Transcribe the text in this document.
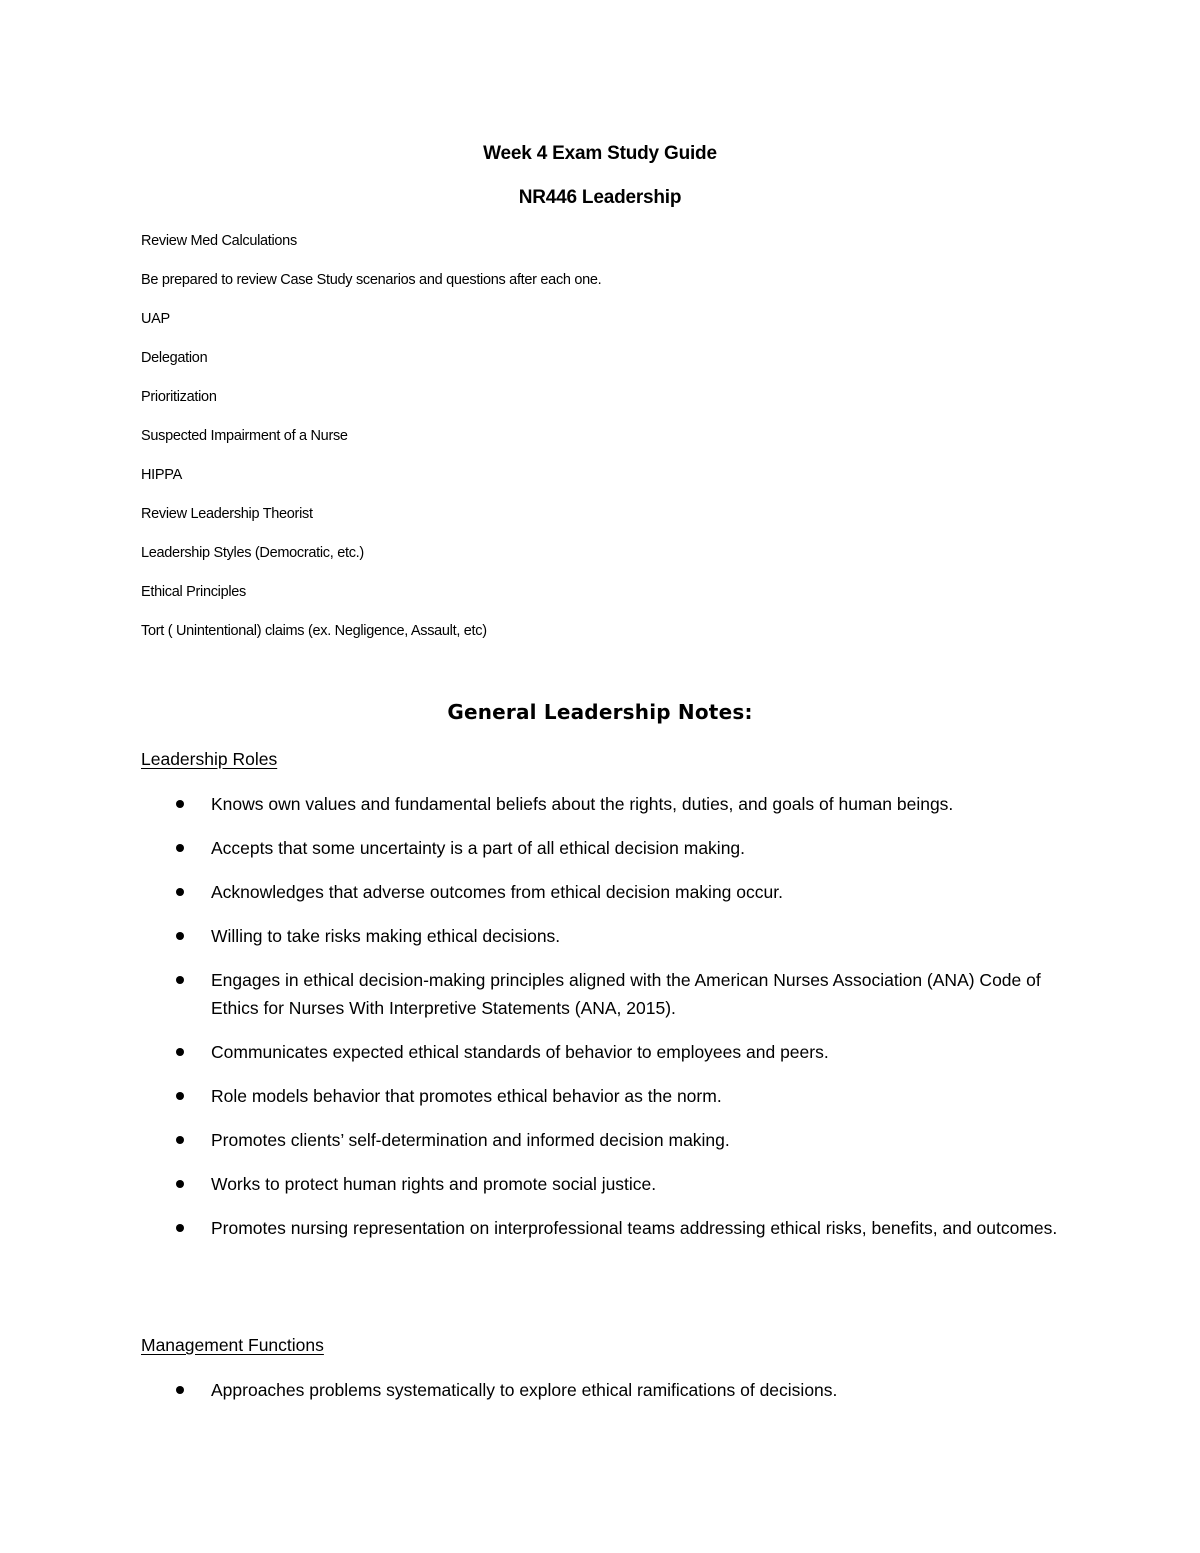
Week 4 Exam Study Guide
NR446 Leadership
Review Med Calculations
Be prepared to review Case Study scenarios and questions after each one.
UAP
Delegation
Prioritization
Suspected Impairment of a Nurse
HIPPA
Review Leadership Theorist
Leadership Styles (Democratic, etc.)
Ethical Principles
Tort ( Unintentional) claims (ex. Negligence, Assault, etc)
General Leadership Notes:
Leadership Roles
Knows own values and fundamental beliefs about the rights, duties, and goals of human beings.
Accepts that some uncertainty is a part of all ethical decision making.
Acknowledges that adverse outcomes from ethical decision making occur.
Willing to take risks making ethical decisions.
Engages in ethical decision-making principles aligned with the American Nurses Association (ANA) Code of Ethics for Nurses With Interpretive Statements (ANA, 2015).
Communicates expected ethical standards of behavior to employees and peers.
Role models behavior that promotes ethical behavior as the norm.
Promotes clients’ self-determination and informed decision making.
Works to protect human rights and promote social justice.
Promotes nursing representation on interprofessional teams addressing ethical risks, benefits, and outcomes.
Management Functions
Approaches problems systematically to explore ethical ramifications of decisions.
